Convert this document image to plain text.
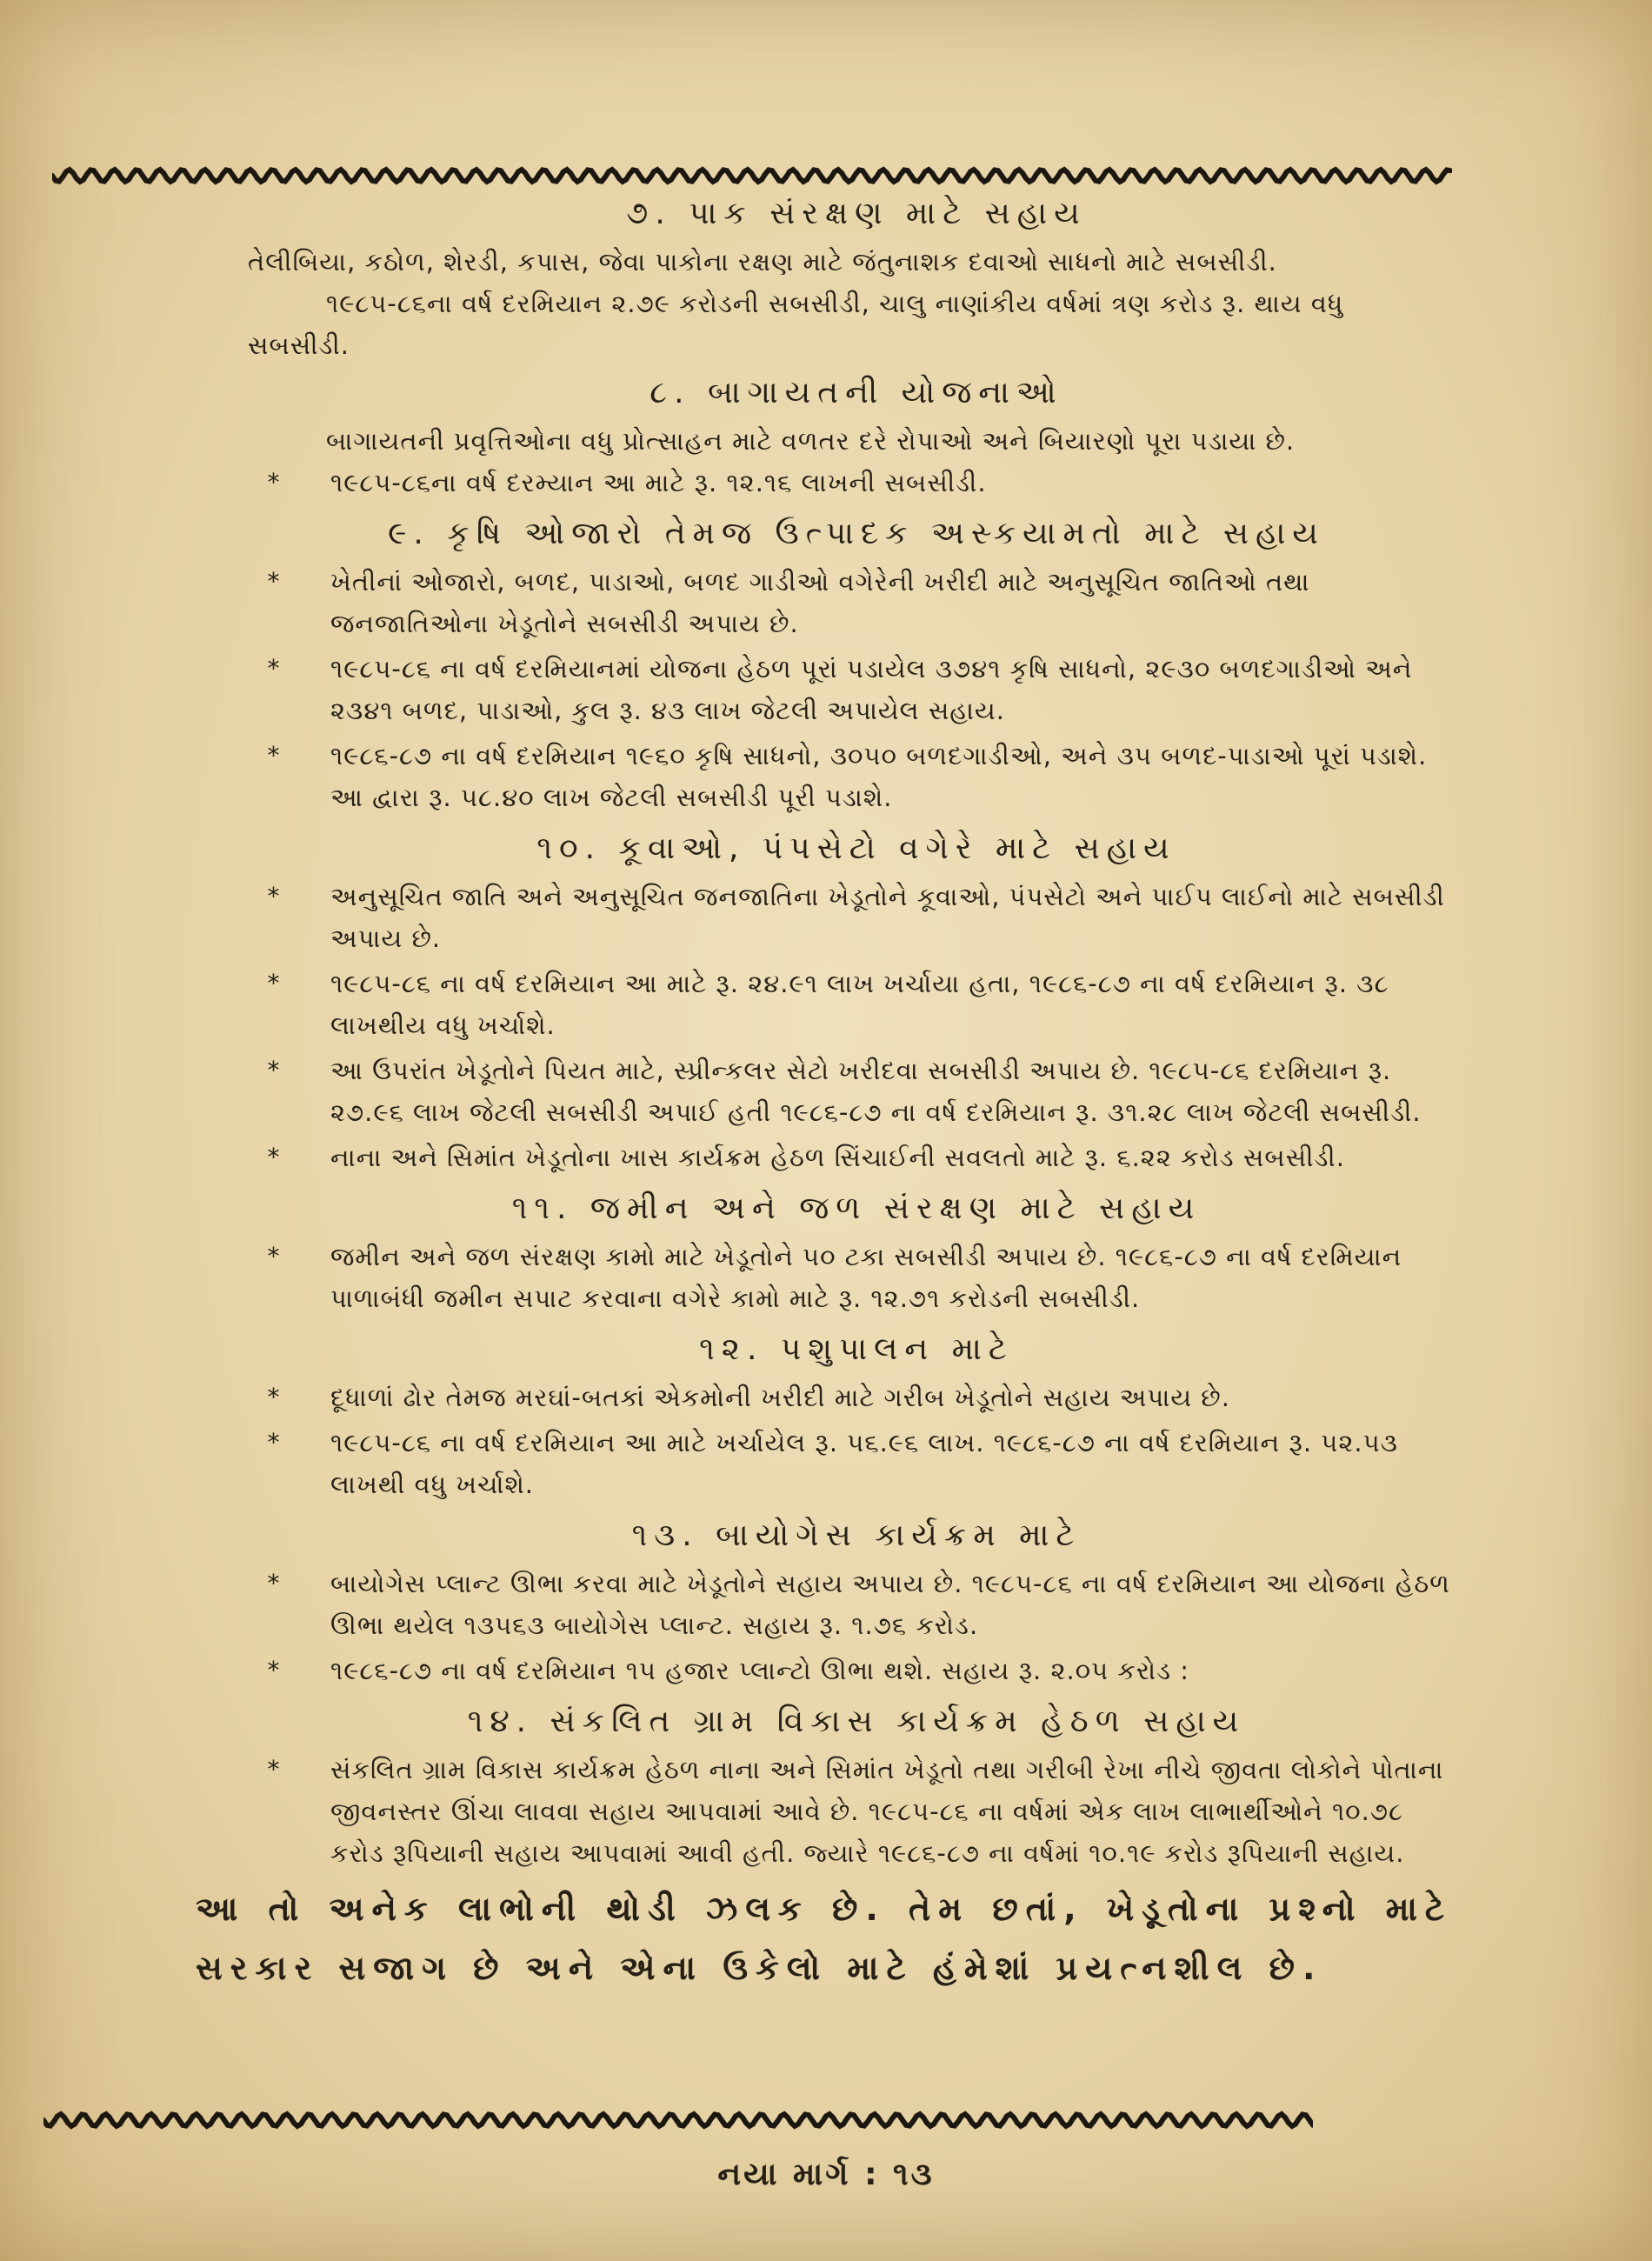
૭. પાક સંરક્ષણ માટે સહાય

તેલીબિયા, કઠોળ, શેરડી, કપાસ, જેવા પાકોના રક્ષણ માટે જંતુનાશક દવાઓ સાધનો માટે સબસીડી.

૧૯૮૫-૮૬ના વર્ષ દરમિયાન ૨.૭૯ કરોડની સબસીડી, ચાલુ નાણાંકીય વર્ષમાં ત્રણ કરોડ રૂ. થાય વધુ સબસીડી.

૮. બાગાયતની યોજનાઓ

બાગાયતની પ્રવૃત્તિઓના વધુ પ્રોત્સાહન માટે વળતર દરે રોપાઓ અને બિયારણો પૂરા પડાયા છે.

* ૧૯૮૫-૮૬ના વર્ષ દરમ્યાન આ માટે રૂ. ૧૨.૧૬ લાખની સબસીડી.
૯. કૃષિ ઓજારો તેમજ ઉત્પાદક અસ્કયામતો માટે સહાય
* ખેતીનાં ઓજારો, બળદ, પાડાઓ, બળદ ગાડીઓ વગેરેની ખરીદી માટે અનુસૂચિત જાતિઓ તથા જનજાતિઓના ખેડૂતોને સબસીડી અપાય છે.
* ૧૯૮૫-૮૬ ના વર્ષ દરમિયાનમાં યોજના હેઠળ પૂરાં પડાયેલ ૩૭૪૧ કૃષિ સાધનો, ૨૯૩૦ બળદગાડીઓ અને ૨૩૪૧ બળદ, પાડાઓ, કુલ રૂ. ૪૩ લાખ જેટલી અપાયેલ સહાય.
* ૧૯૮૬-૮૭ ના વર્ષ દરમિયાન ૧૯૬૦ કૃષિ સાધનો, ૩૦૫૦ બળદગાડીઓ, અને ૩૫ બળદ-પાડાઓ પૂરાં પડાશે. આ દ્વારા રૂ. ૫૮.૪૦ લાખ જેટલી સબસીડી પૂરી પડાશે.
૧૦. કૂવાઓ, પંપસેટો વગેરે માટે સહાય
* અનુસૂચિત જાતિ અને અનુસૂચિત જનજાતિના ખેડૂતોને કૂવાઓ, પંપસેટો અને પાઈપ લાઈનો માટે સબસીડી અપાય છે.
* ૧૯૮૫-૮૬ ના વર્ષ દરમિયાન આ માટે રૂ. ૨૪.૯૧ લાખ ખર્ચાયા હતા, ૧૯૮૬-૮૭ ના વર્ષ દરમિયાન રૂ. ૩૮ લાખથીય વધુ ખર્ચાશે.
* આ ઉપરાંત ખેડૂતોને પિયત માટે, સ્પ્રીન્કલર સેટો ખરીદવા સબસીડી અપાય છે. ૧૯૮૫-૮૬ દરમિયાન રૂ. ૨૭.૯૬ લાખ જેટલી સબસીડી અપાઈ હતી ૧૯૮૬-૮૭ ના વર્ષ દરમિયાન રૂ. ૩૧.૨૮ લાખ જેટલી સબસીડી.
* નાના અને સિમાંત ખેડૂતોના ખાસ કાર્યક્રમ હેઠળ સિંચાઈની સવલતો માટે રૂ. ૬.૨૨ કરોડ સબસીડી.
૧૧. જમીન અને જળ સંરક્ષણ માટે સહાય
* જમીન અને જળ સંરક્ષણ કામો માટે ખેડૂતોને ૫૦ ટકા સબસીડી અપાય છે. ૧૯૮૬-૮૭ ના વર્ષ દરમિયાન પાળાબંધી જમીન સપાટ કરવાના વગેરે કામો માટે રૂ. ૧૨.૭૧ કરોડની સબસીડી.
૧૨. પશુપાલન માટે
* દૂધાળાં ઢોર તેમજ મરઘાં-બતકાં એકમોની ખરીદી માટે ગરીબ ખેડૂતોને સહાય અપાય છે.
* ૧૯૮૫-૮૬ ના વર્ષ દરમિયાન આ માટે ખર્ચાયેલ રૂ. ૫૬.૯૬ લાખ. ૧૯૮૬-૮૭ ના વર્ષ દરમિયાન રૂ. ૫૨.૫૩ લાખથી વધુ ખર્ચાશે.
૧૩. બાયોગેસ કાર્યક્રમ માટે
* બાયોગેસ પ્લાન્ટ ઊભા કરવા માટે ખેડૂતોને સહાય અપાય છે. ૧૯૮૫-૮૬ ના વર્ષ દરમિયાન આ યોજના હેઠળ ઊભા થયેલ ૧૩૫૬૩ બાયોગેસ પ્લાન્ટ. સહાય રૂ. ૧.૭૬ કરોડ.
* ૧૯૮૬-૮૭ ના વર્ષ દરમિયાન ૧૫ હજાર પ્લાન્ટો ઊભા થશે. સહાય રૂ. ૨.૦૫ કરોડ :
૧૪. સંકલિત ગ્રામ વિકાસ કાર્યક્રમ હેઠળ સહાય
* સંકલિત ગ્રામ વિકાસ કાર્યક્રમ હેઠળ નાના અને સિમાંત ખેડૂતો તથા ગરીબી રેખા નીચે જીવતા લોકોને પોતાના જીવનસ્તર ઊંચા લાવવા સહાય આપવામાં આવે છે. ૧૯૮૫-૮૬ ના વર્ષમાં એક લાખ લાભાર્થીઓને ૧૦.૭૮ કરોડ રૂપિયાની સહાય આપવામાં આવી હતી. જ્યારે ૧૯૮૬-૮૭ ના વર્ષમાં ૧૦.૧૯ કરોડ રૂપિયાની સહાય.

આ તો અનેક લાભોની થોડી ઝલક છે. તેમ છતાં, ખેડૂતોના પ્રશ્નો માટે સરકાર સજાગ છે અને એના ઉકેલો માટે હંમેશાં પ્રયત્નશીલ છે.

નયા માર્ગ : ૧૩
